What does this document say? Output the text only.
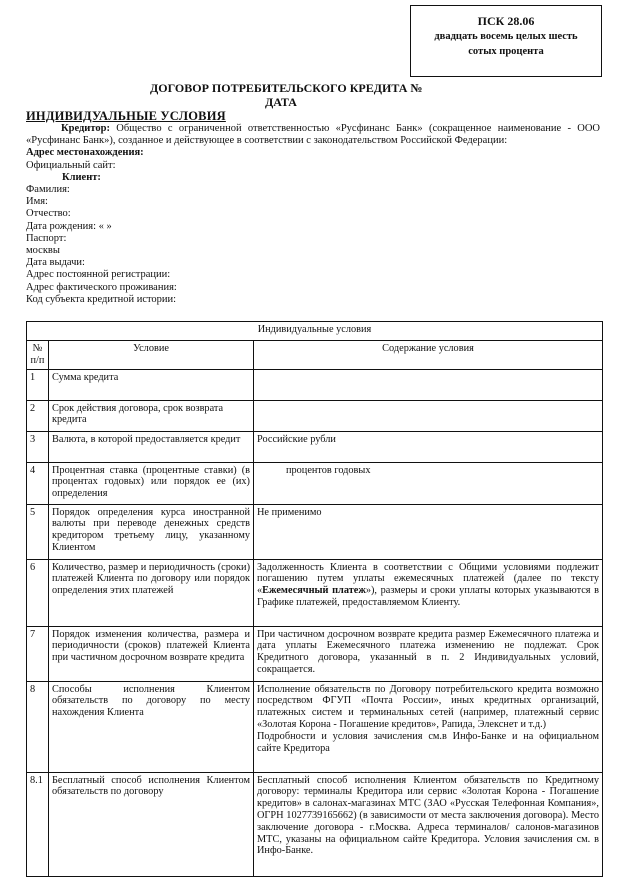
ПСК 28.06
двадцать восемь целых шесть
сотых процента
ДОГОВОР ПОТРЕБИТЕЛЬСКОГО КРЕДИТА №
ДАТА
ИНДИВИДУАЛЬНЫЕ УСЛОВИЯ

Кредитор: Общество с ограниченной ответственностью «Русфинанс Банк» (сокращенное наименование - ООО «Русфинанс Банк»), созданное и действующее в соответствии с законодательством Российской Федерации:

Адрес местонахождения:

Официальный сайт:

Клиент:

Фамилия:

Имя:

Отчество:

Дата рождения: « »

Паспорт:

москвы

Дата выдачи:

Адрес постоянной регистрации:

Адрес фактического проживания:

Код субъекта кредитной истории:

Индивидуальные условия		
№ п/п	Условие	Содержание условия
1	Сумма кредита	
2	Срок действия договора, срок возврата кредита	
3	Валюта, в которой предоставляется кредит	Российские рубли
4	Процентная ставка (процентные ставки) (в процентах годовых) или порядок ее (их) определения	процентов годовых
5	Порядок определения курса иностранной валюты при переводе денежных средств кредитором третьему лицу, указанному Клиентом	Не применимо
6	Количество, размер и периодичность (сроки) платежей Клиента по договору или порядок определения этих платежей	Задолженность Клиента в соответствии с Общими условиями подлежит погашению путем уплаты ежемесячных платежей (далее по тексту «Ежемесячный платеж»), размеры и сроки уплаты которых указываются в Графике платежей, предоставляемом Клиенту.
7	Порядок изменения количества, размера и периодичности (сроков) платежей Клиента при частичном досрочном возврате кредита	При частичном досрочном возврате кредита размер Ежемесячного платежа и дата уплаты Ежемесячного платежа изменению не подлежат. Срок Кредитного договора, указанный в п. 2 Индивидуальных условий, сокращается.
8	Способы исполнения Клиентом обязательств по договору по месту нахождения Клиента	Исполнение обязательств по Договору потребительского кредита возможно посредством ФГУП «Почта России», иных кредитных организаций, платежных систем и терминальных сетей (например, платежный сервис «Золотая Корона - Погашение кредитов», Рапида, Элекснет и т.д.)
Подробности и условия зачисления см.в Инфо-Банке и на официальном сайте Кредитора
8.1	Бесплатный способ исполнения Клиентом обязательств по договору	Бесплатный способ исполнения Клиентом обязательств по Кредитному договору: терминалы Кредитора или сервис «Золотая Корона - Погашение кредитов» в салонах-магазинах МТС (ЗАО «Русская Телефонная Компания», ОГРН 1027739165662) (в зависимости от места заключения договора). Место заключение договора - г.Москва. Адреса терминалов/ салонов-магазинов МТС, указаны на официальном сайте Кредитора. Условия зачисления см. в Инфо-Банке.
